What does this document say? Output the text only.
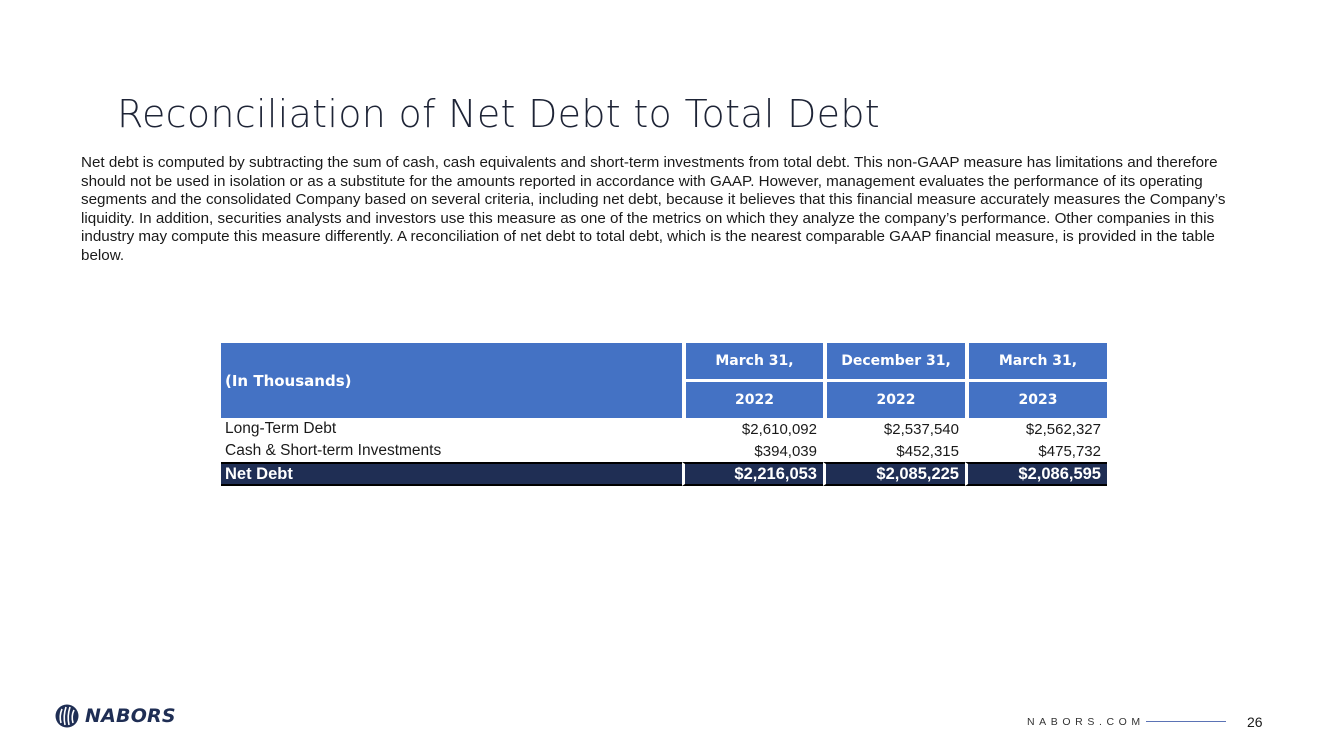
Reconciliation of Net Debt to Total Debt

Net debt is computed by subtracting the sum of cash, cash equivalents and short-term investments from total debt. This non-GAAP measure has limitations and therefore should not be used in isolation or as a substitute for the amounts reported in accordance with GAAP. However, management evaluates the performance of its operating segments and the consolidated Company based on several criteria, including net debt, because it believes that this financial measure accurately measures the Company’s liquidity. In addition, securities analysts and investors use this measure as one of the metrics on which they analyze the company’s performance. Other companies in this industry may compute this measure differently. A reconciliation of net debt to total debt, which is the nearest comparable GAAP financial measure, is provided in the table below.

(In Thousands)	March 31,	December 31,	March 31,
	2022	2022	2023
Long-Term Debt	$2,610,092	$2,537,540	$2,562,327
Cash & Short-term Investments	$394,039	$452,315	$475,732
Net Debt	$2,216,053	$2,085,225	$2,086,595
NABORS	NABORS.COM	26
